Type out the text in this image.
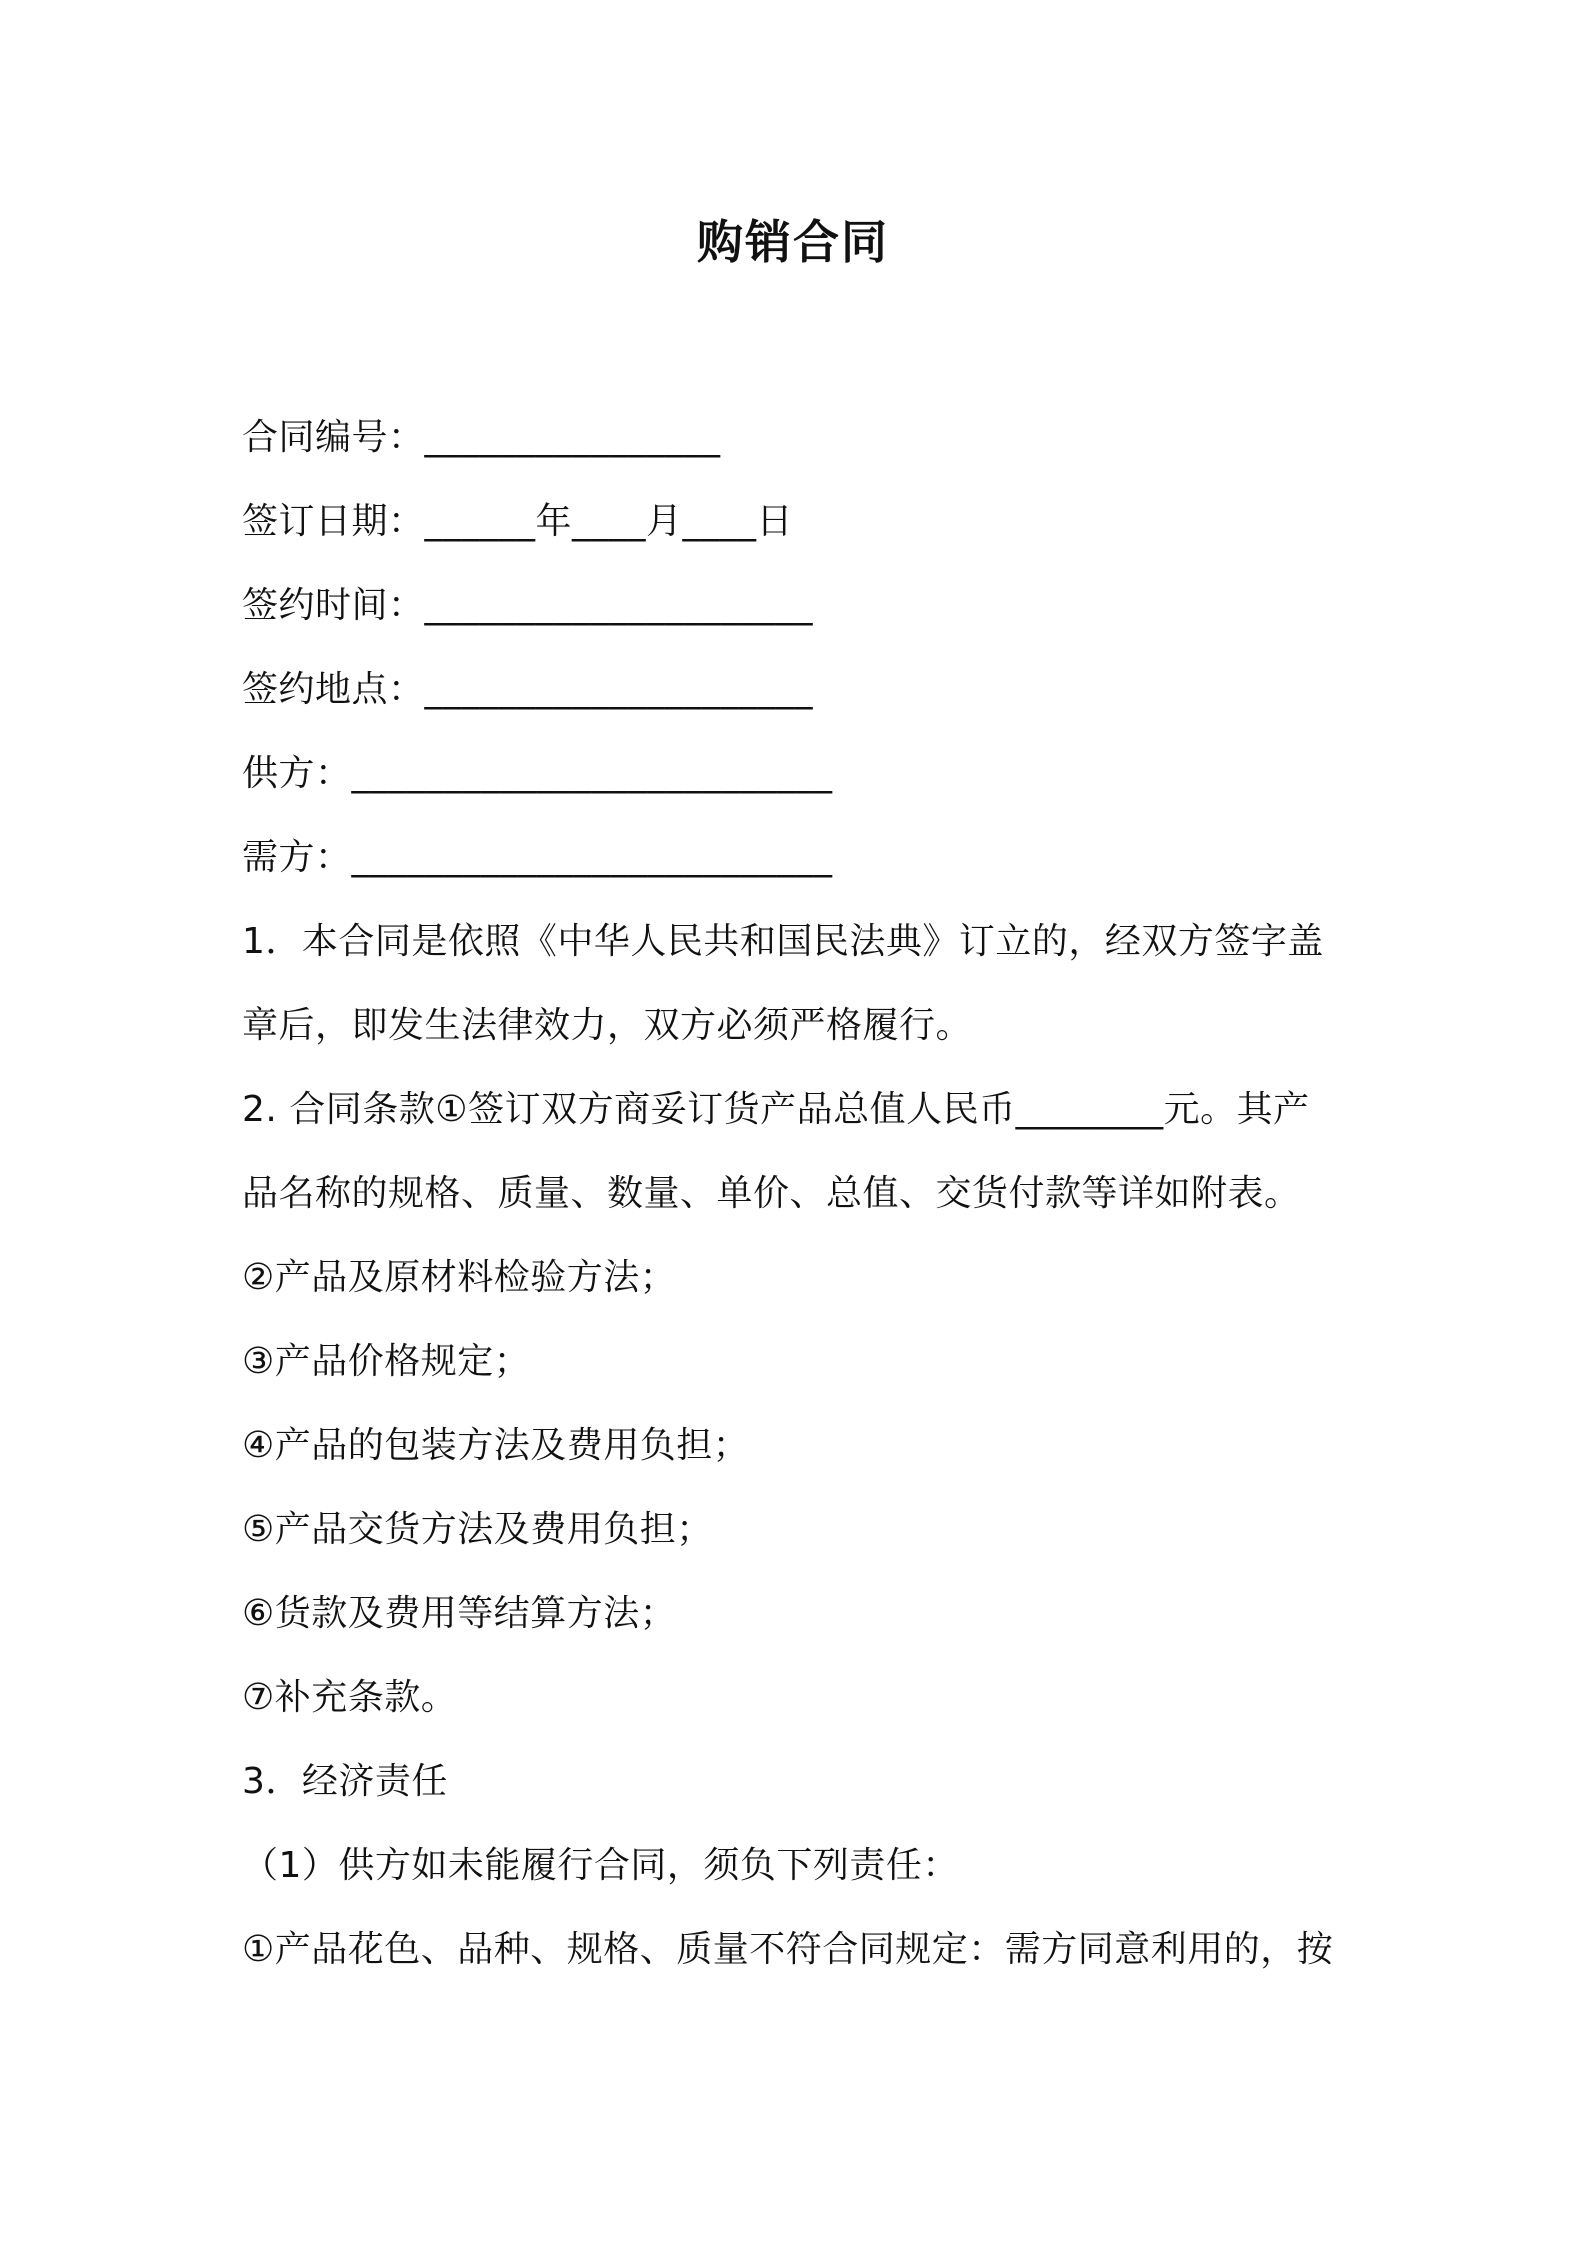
购销合同
合同编号：________________
签订日期：______年____月____日
签约时间：_____________________
签约地点：_____________________
供方：__________________________
需方：__________________________
1．本合同是依照《中华人民共和国民法典》订立的，经双方签字盖
章后，即发生法律效力，双方必须严格履行。
2. 合同条款①签订双方商妥订货产品总值人民币________元。其产
品名称的规格、质量、数量、单价、总值、交货付款等详如附表。
②产品及原材料检验方法；
③产品价格规定；
④产品的包装方法及费用负担；
⑤产品交货方法及费用负担；
⑥货款及费用等结算方法；
⑦补充条款。
3．经济责任
（1）供方如未能履行合同，须负下列责任：
①产品花色、品种、规格、质量不符合同规定：需方同意利用的，按
